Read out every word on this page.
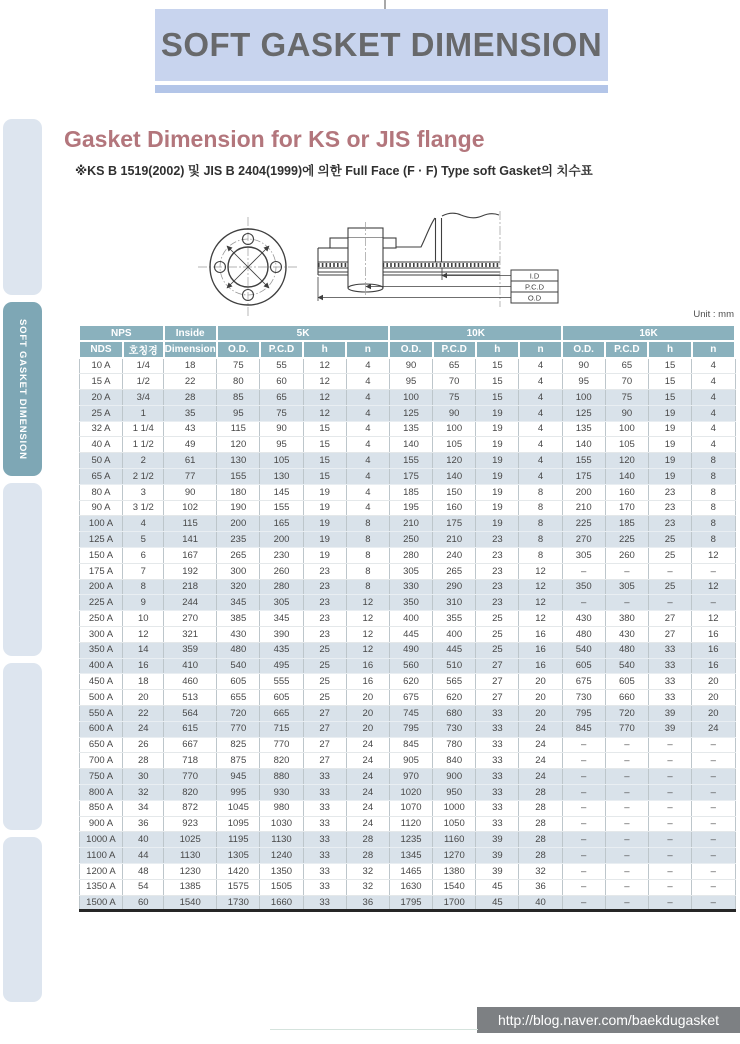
SOFT GASKET DIMENSION
SOFT GASKET DIMENSION
Gasket Dimension for KS or JIS flange
※KS B 1519(2002) 및 JIS B 2404(1999)에 의한 Full Face (F · F) Type soft Gasket의 치수표
I.D
P.C.D
O.D
Unit : mm
NPS		Inside	5K				10K				16K			
NDS	호칭경	Dimension	O.D.	P.C.D	h	n	O.D.	P.C.D	h	n	O.D.	P.C.D	h	n
10 A	1/4	18	75	55	12	4	90	65	15	4	90	65	15	4
15 A	1/2	22	80	60	12	4	95	70	15	4	95	70	15	4
20 A	3/4	28	85	65	12	4	100	75	15	4	100	75	15	4
25 A	1	35	95	75	12	4	125	90	19	4	125	90	19	4
32 A	1 1/4	43	115	90	15	4	135	100	19	4	135	100	19	4
40 A	1 1/2	49	120	95	15	4	140	105	19	4	140	105	19	4
50 A	2	61	130	105	15	4	155	120	19	4	155	120	19	8
65 A	2 1/2	77	155	130	15	4	175	140	19	4	175	140	19	8
80 A	3	90	180	145	19	4	185	150	19	8	200	160	23	8
90 A	3 1/2	102	190	155	19	4	195	160	19	8	210	170	23	8
100 A	4	115	200	165	19	8	210	175	19	8	225	185	23	8
125 A	5	141	235	200	19	8	250	210	23	8	270	225	25	8
150 A	6	167	265	230	19	8	280	240	23	8	305	260	25	12
175 A	7	192	300	260	23	8	305	265	23	12	–	–	–	–
200 A	8	218	320	280	23	8	330	290	23	12	350	305	25	12
225 A	9	244	345	305	23	12	350	310	23	12	–	–	–	–
250 A	10	270	385	345	23	12	400	355	25	12	430	380	27	12
300 A	12	321	430	390	23	12	445	400	25	16	480	430	27	16
350 A	14	359	480	435	25	12	490	445	25	16	540	480	33	16
400 A	16	410	540	495	25	16	560	510	27	16	605	540	33	16
450 A	18	460	605	555	25	16	620	565	27	20	675	605	33	20
500 A	20	513	655	605	25	20	675	620	27	20	730	660	33	20
550 A	22	564	720	665	27	20	745	680	33	20	795	720	39	20
600 A	24	615	770	715	27	20	795	730	33	24	845	770	39	24
650 A	26	667	825	770	27	24	845	780	33	24	–	–	–	–
700 A	28	718	875	820	27	24	905	840	33	24	–	–	–	–
750 A	30	770	945	880	33	24	970	900	33	24	–	–	–	–
800 A	32	820	995	930	33	24	1020	950	33	28	–	–	–	–
850 A	34	872	1045	980	33	24	1070	1000	33	28	–	–	–	–
900 A	36	923	1095	1030	33	24	1120	1050	33	28	–	–	–	–
1000 A	40	1025	1195	1130	33	28	1235	1160	39	28	–	–	–	–
1100 A	44	1130	1305	1240	33	28	1345	1270	39	28	–	–	–	–
1200 A	48	1230	1420	1350	33	32	1465	1380	39	32	–	–	–	–
1350 A	54	1385	1575	1505	33	32	1630	1540	45	36	–	–	–	–
1500 A	60	1540	1730	1660	33	36	1795	1700	45	40	–	–	–	–
http://blog.naver.com/baekdugasket
